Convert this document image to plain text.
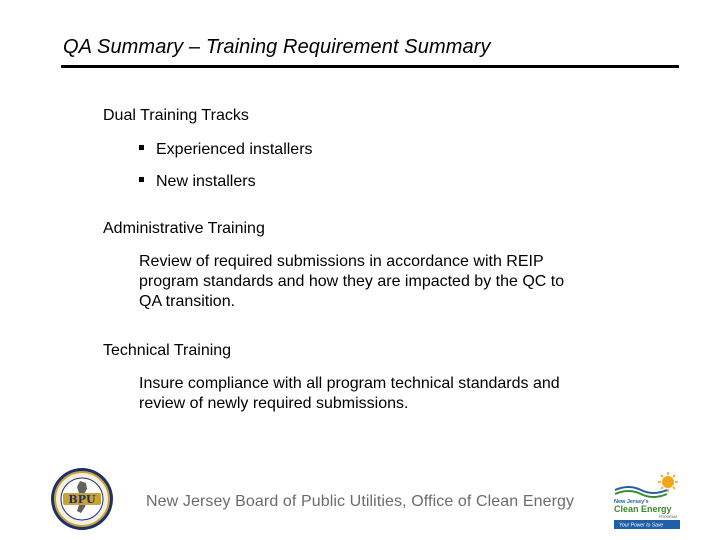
QA Summary – Training Requirement Summary
Dual Training Tracks
Experienced installers
New installers
Administrative Training
Review of required submissions in accordance with REIP
program standards and how they are impacted by the QC to
QA transition.
Technical Training
Insure compliance with all program technical standards and
review of newly required submissions.
BPU	New Jersey Board of Public Utilities, Office of Clean Energy	New Jersey's
Clean Energy
PROGRAM
Your Power to Save
